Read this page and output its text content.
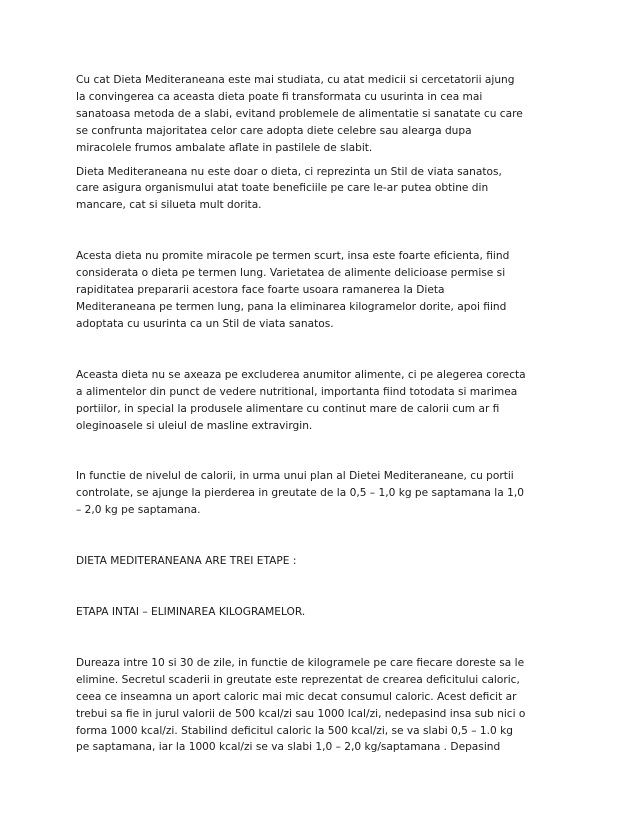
Cu cat Dieta Mediteraneana este mai studiata, cu atat medicii si cercetatorii ajung
la convingerea ca aceasta dieta poate fi transformata cu usurinta in cea mai
sanatoasa metoda de a slabi, evitand problemele de alimentatie si sanatate cu care
se confrunta majoritatea celor care adopta diete celebre sau alearga dupa
miracolele frumos ambalate aflate in pastilele de slabit.

Dieta Mediteraneana nu este doar o dieta, ci reprezinta un Stil de viata sanatos,
care asigura organismului atat toate beneficiile pe care le-ar putea obtine din
mancare, cat si silueta mult dorita.

Acesta dieta nu promite miracole pe termen scurt, insa este foarte eficienta, fiind
considerata o dieta pe termen lung. Varietatea de alimente delicioase permise si
rapiditatea prepararii acestora face foarte usoara ramanerea la Dieta
Mediteraneana pe termen lung, pana la eliminarea kilogramelor dorite, apoi fiind
adoptata cu usurinta ca un Stil de viata sanatos.

Aceasta dieta nu se axeaza pe excluderea anumitor alimente, ci pe alegerea corecta
a alimentelor din punct de vedere nutritional, importanta fiind totodata si marimea
portiilor, in special la produsele alimentare cu continut mare de calorii cum ar fi
oleginoasele si uleiul de masline extravirgin.

In functie de nivelul de calorii, in urma unui plan al Dietei Mediteraneane, cu portii
controlate, se ajunge la pierderea in greutate de la 0,5 – 1,0 kg pe saptamana la 1,0
– 2,0 kg pe saptamana.

DIETA MEDITERANEANA ARE TREI ETAPE :

ETAPA INTAI – ELIMINAREA KILOGRAMELOR.

Dureaza intre 10 si 30 de zile, in functie de kilogramele pe care fiecare doreste sa le
elimine. Secretul scaderii in greutate este reprezentat de crearea deficitului caloric,
ceea ce inseamna un aport caloric mai mic decat consumul caloric. Acest deficit ar
trebui sa fie in jurul valorii de 500 kcal/zi sau 1000 lcal/zi, nedepasind insa sub nici o
forma 1000 kcal/zi. Stabilind deficitul caloric la 500 kcal/zi, se va slabi 0,5 – 1.0 kg
pe saptamana, iar la 1000 kcal/zi se va slabi 1,0 – 2,0 kg/saptamana . Depasind
